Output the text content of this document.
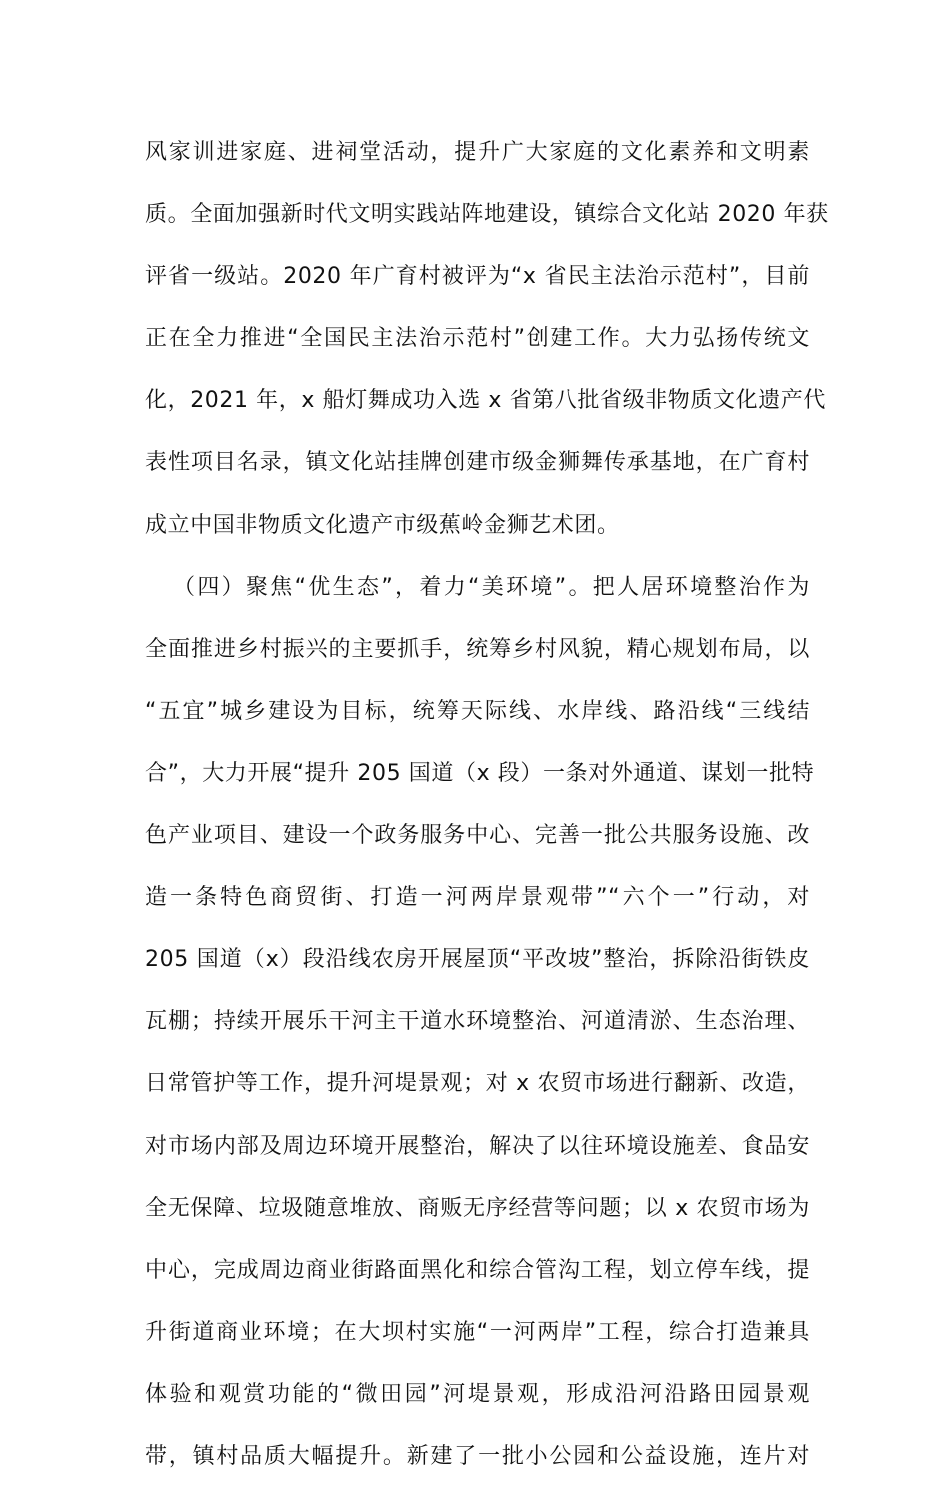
风家训进家庭、进祠堂活动，提升广大家庭的文化素养和文明素
质。全面加强新时代文明实践站阵地建设，镇综合文化站 2020 年获
评省一级站。2020 年广育村被评为“x 省民主法治示范村”，目前
正在全力推进“全国民主法治示范村”创建工作。大力弘扬传统文
化，2021 年，x 船灯舞成功入选 x 省第八批省级非物质文化遗产代
表性项目名录，镇文化站挂牌创建市级金狮舞传承基地，在广育村
成立中国非物质文化遗产市级蕉岭金狮艺术团。
（四）聚焦“优生态”，着力“美环境”。把人居环境整治作为
全面推进乡村振兴的主要抓手，统筹乡村风貌，精心规划布局，以
“五宜”城乡建设为目标，统筹天际线、水岸线、路沿线“三线结
合”，大力开展“提升 205 国道（x 段）一条对外通道、谋划一批特
色产业项目、建设一个政务服务中心、完善一批公共服务设施、改
造一条特色商贸街、打造一河两岸景观带”“六个一”行动，对
205 国道（x）段沿线农房开展屋顶“平改坡”整治，拆除沿街铁皮
瓦棚；持续开展乐干河主干道水环境整治、河道清淤、生态治理、
日常管护等工作，提升河堤景观；对 x 农贸市场进行翻新、改造，
对市场内部及周边环境开展整治，解决了以往环境设施差、食品安
全无保障、垃圾随意堆放、商贩无序经营等问题；以 x 农贸市场为
中心，完成周边商业街路面黑化和综合管沟工程，划立停车线，提
升街道商业环境；在大坝村实施“一河两岸”工程，综合打造兼具
体验和观赏功能的“微田园”河堤景观，形成沿河沿路田园景观
带，镇村品质大幅提升。新建了一批小公园和公益设施，连片对
